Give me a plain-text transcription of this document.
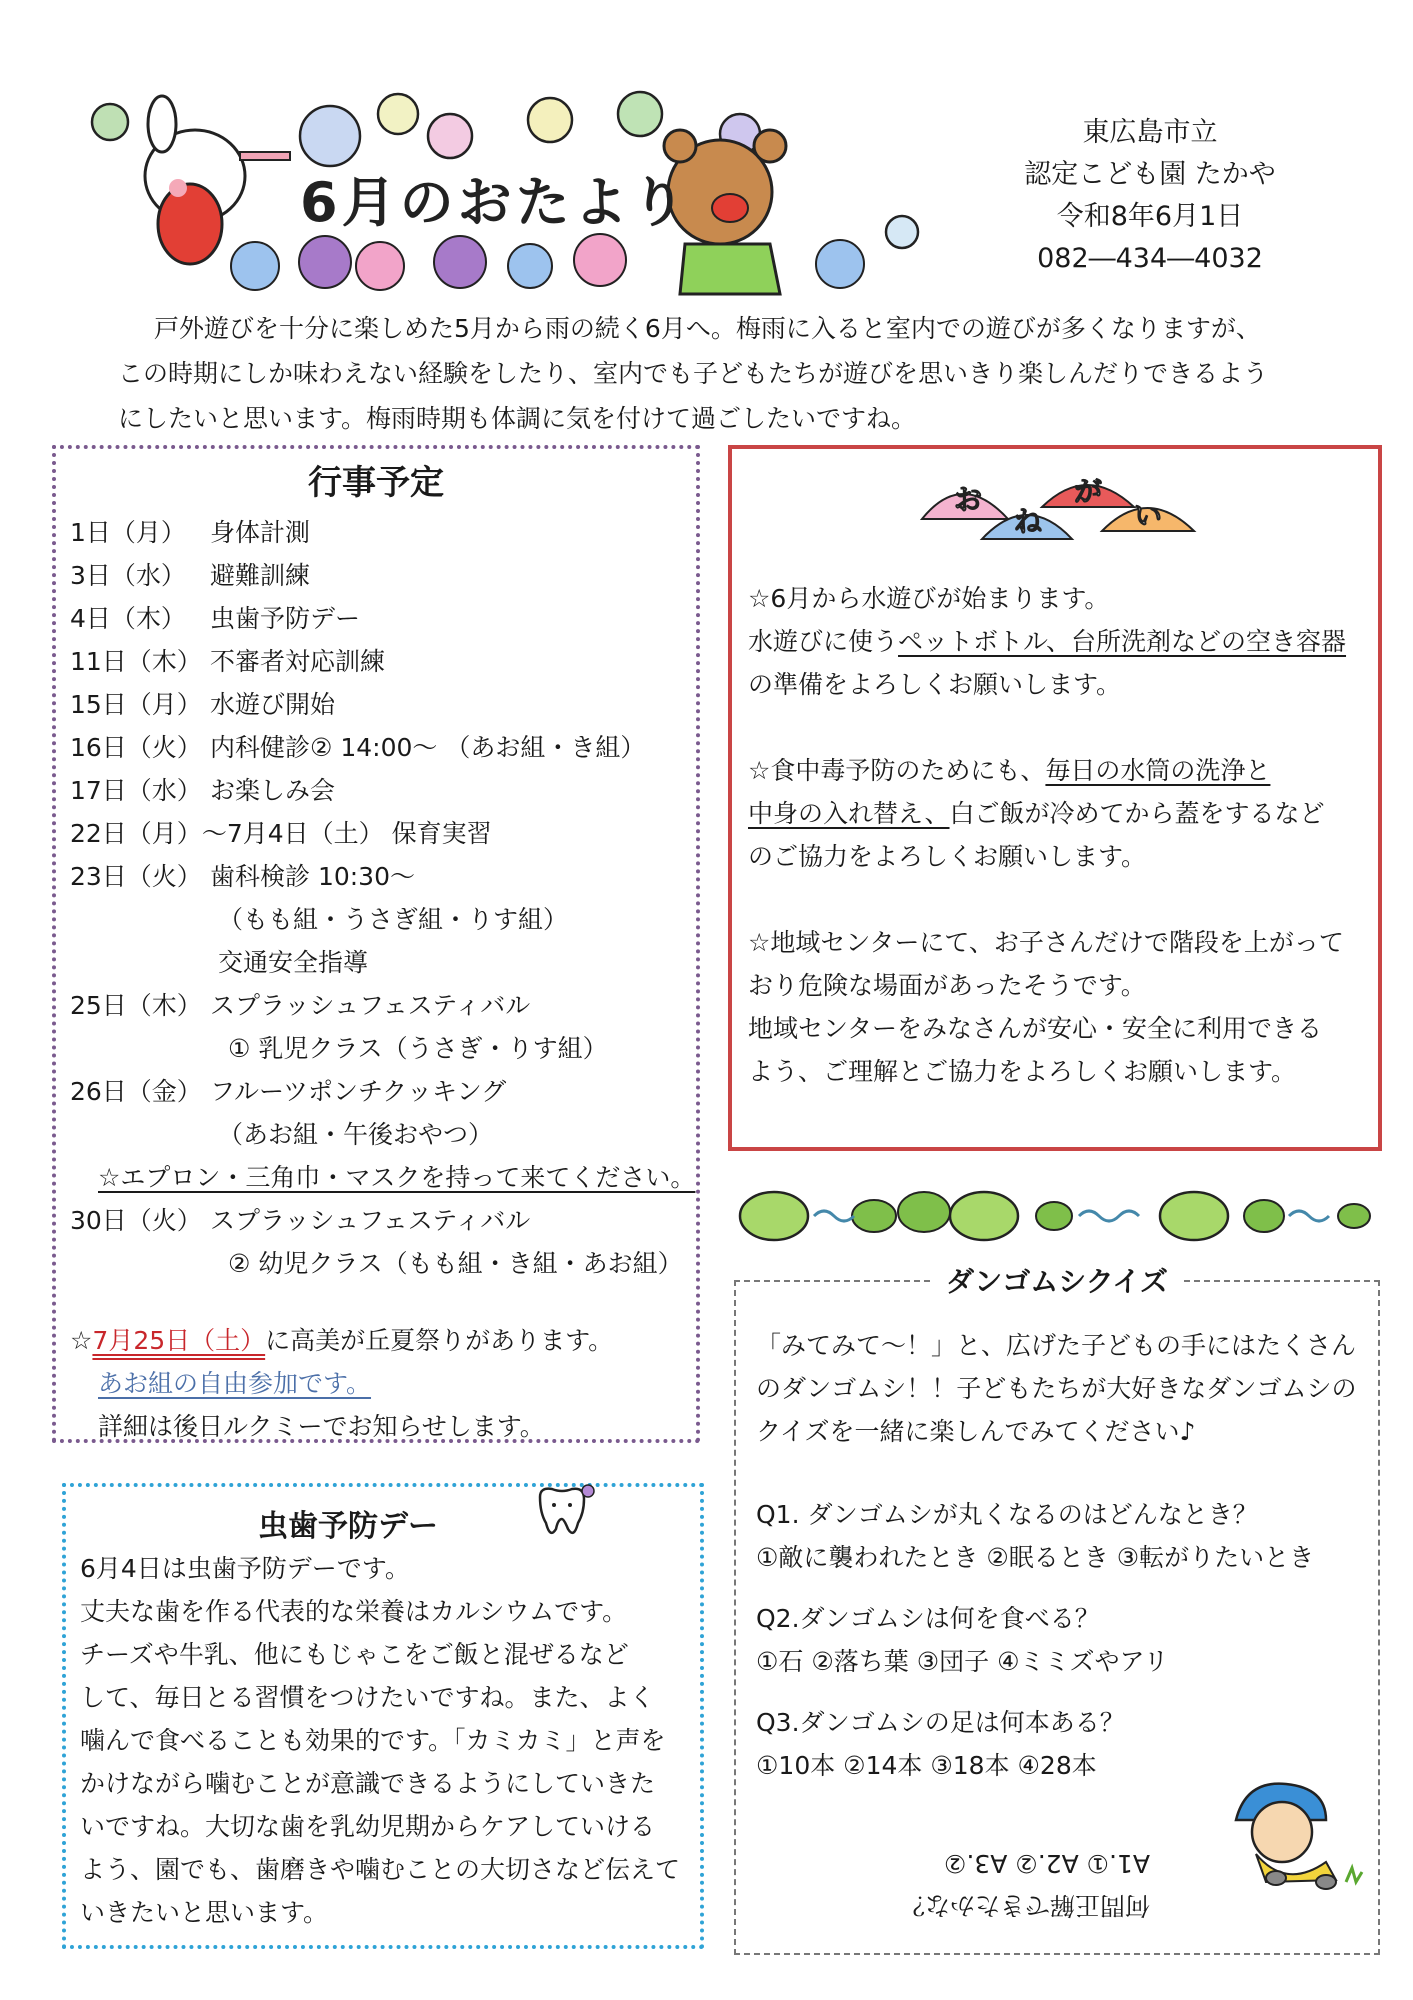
6月のおたより
東広島市立
認定こども園 たかや
令和8年6月1日
082―434―4032

戸外遊びを十分に楽しめた5月から雨の続く6月へ。梅雨に入ると室内での遊びが多くなりますが、

この時期にしか味わえない経験をしたり、室内でも子どもたちが遊びを思いきり楽しんだりできるよう

にしたいと思います。梅雨時期も体調に気を付けて過ごしたいですね。

行事予定
1日（月） 身体計測
3日（水） 避難訓練
4日（木） 虫歯予防デー
11日（木） 不審者対応訓練
15日（月） 水遊び開始
16日（火） 内科健診② 14:00～ （あお組・き組）
17日（水） お楽しみ会
22日（月）～7月4日（土） 保育実習
23日（火） 歯科検診 10:30～
（もも組・うさぎ組・りす組）
交通安全指導
25日（木） スプラッシュフェスティバル
① 乳児クラス（うさぎ・りす組）
26日（金） フルーツポンチクッキング
（あお組・午後おやつ）
☆エプロン・三角巾・マスクを持って来てください。
30日（火） スプラッシュフェスティバル
② 幼児クラス（もも組・き組・あお組）
☆7月25日（土）に高美が丘夏祭りがあります。
あお組の自由参加です。
詳細は後日ルクミーでお知らせします。
虫歯予防デー

6月4日は虫歯予防デーです。

丈夫な歯を作る代表的な栄養はカルシウムです。

チーズや牛乳、他にもじゃこをご飯と混ぜるなど

して、毎日とる習慣をつけたいですね。また、よく

噛んで食べることも効果的です。「カミカミ」と声を

かけながら噛むことが意識できるようにしていきた

いですね。大切な歯を乳幼児期からケアしていける

よう、園でも、歯磨きや噛むことの大切さなど伝えて

いきたいと思います。

お
ね
が
い

☆6月から水遊びが始まります。

水遊びに使うペットボトル、台所洗剤などの空き容器

の準備をよろしくお願いします。

☆食中毒予防のためにも、毎日の水筒の洗浄と

中身の入れ替え、白ご飯が冷めてから蓋をするなど

のご協力をよろしくお願いします。

☆地域センターにて、お子さんだけで階段を上がって

おり危険な場面があったそうです。

地域センターをみなさんが安心・安全に利用できる

よう、ご理解とご協力をよろしくお願いします。

ダンゴムシクイズ

「みてみて～！」と、広げた子どもの手にはたくさん

のダンゴムシ！！子どもたちが大好きなダンゴムシの

クイズを一緒に楽しんでみてください♪

Q1. ダンゴムシが丸くなるのはどんなとき？

①敵に襲われたとき ②眠るとき ③転がりたいとき

Q2.ダンゴムシは何を食べる？

①石 ②落ち葉 ③団子 ④ミミズやアリ

Q3.ダンゴムシの足は何本ある？

①10本 ②14本 ③18本 ④28本

何問正解できたかな？
A1.① A2.② A3.②
